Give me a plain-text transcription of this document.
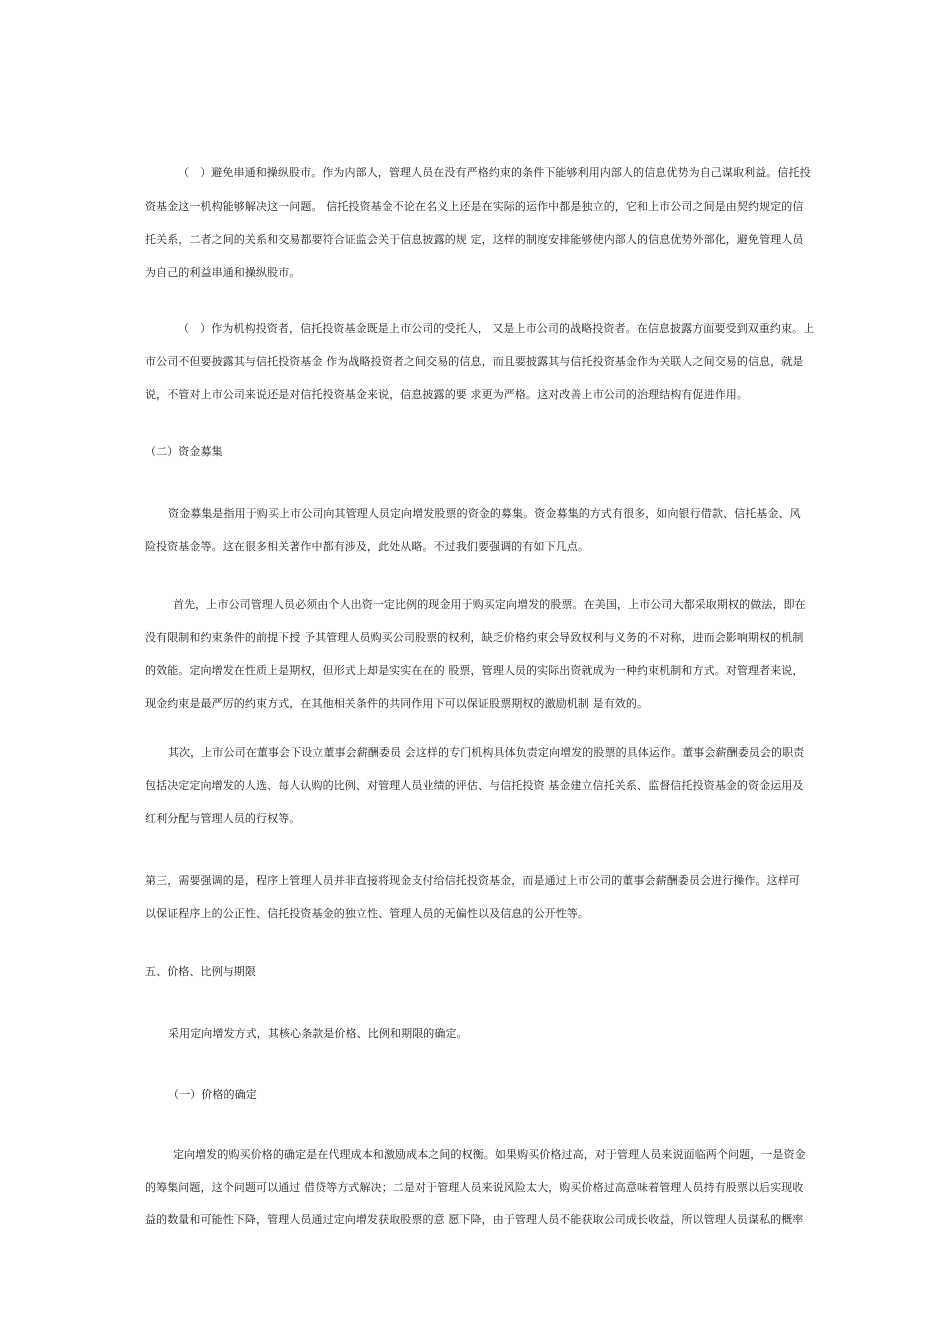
（　）避免串通和操纵股市。作为内部人，管理人员在没有严格约束的条件下能够利用内部人的信息优势为自己谋取利益。信托投
资基金这一机构能够解决这一问题。 信托投资基金不论在名义上还是在实际的运作中都是独立的，它和上市公司之间是由契约规定的信
托关系，二者之间的关系和交易都要符合证监会关于信息披露的规 定，这样的制度安排能够使内部人的信息优势外部化，避免管理人员
为自己的利益串通和操纵股市。
（　）作为机构投资者，信托投资基金既是上市公司的受托人， 又是上市公司的战略投资者。在信息披露方面要受到双重约束。上
市公司不但要披露其与信托投资基金 作为战略投资者之间交易的信息，而且要披露其与信托投资基金作为关联人之间交易的信息，就是
说，不管对上市公司来说还是对信托投资基金来说，信息披露的要 求更为严格。这对改善上市公司的治理结构有促进作用。
（二）资金募集
资金募集是指用于购买上市公司向其管理人员定向增发股票的资金的募集。资金募集的方式有很多，如向银行借款、信托基金、风
险投资基金等。这在很多相关著作中都有涉及，此处从略。不过我们要强调的有如下几点。
首先，上市公司管理人员必须由个人出资一定比例的现金用于购买定向增发的股票。在美国，上市公司大都采取期权的做法，即在
没有限制和约束条件的前提下授 予其管理人员购买公司股票的权利，缺乏价格约束会导致权利与义务的不对称，进而会影响期权的机制
的效能。定向增发在性质上是期权，但形式上却是实实在在的 股票，管理人员的实际出资就成为一种约束机制和方式。对管理者来说，
现金约束是最严厉的约束方式，在其他相关条件的共同作用下可以保证股票期权的激励机制 是有效的。
其次，上市公司在董事会下设立董事会薪酬委员 会这样的专门机构具体负责定向增发的股票的具体运作。董事会薪酬委员会的职责
包括决定定向增发的人选、每人认购的比例、对管理人员业绩的评估、与信托投资 基金建立信托关系、监督信托投资基金的资金运用及
红利分配与管理人员的行权等。
第三，需要强调的是，程序上管理人员并非直接将现金支付给信托投资基金，而是通过上市公司的董事会薪酬委员会进行操作。这样可
以保证程序上的公正性、信托投资基金的独立性、管理人员的无偏性以及信息的公开性等。
五、价格、比例与期限
采用定向增发方式，其核心条款是价格、比例和期限的确定。
（一）价格的确定
定向增发的购买价格的确定是在代理成本和激励成本之间的权衡。如果购买价格过高，对于管理人员来说面临两个问题，一是资金
的筹集问题，这个问题可以通过 借贷等方式解决；二是对于管理人员来说风险太大，购买价格过高意味着管理人员持有股票以后实现收
益的数量和可能性下降，管理人员通过定向增发获取股票的意 愿下降，由于管理人员不能获取公司成长收益，所以管理人员谋私的概率
